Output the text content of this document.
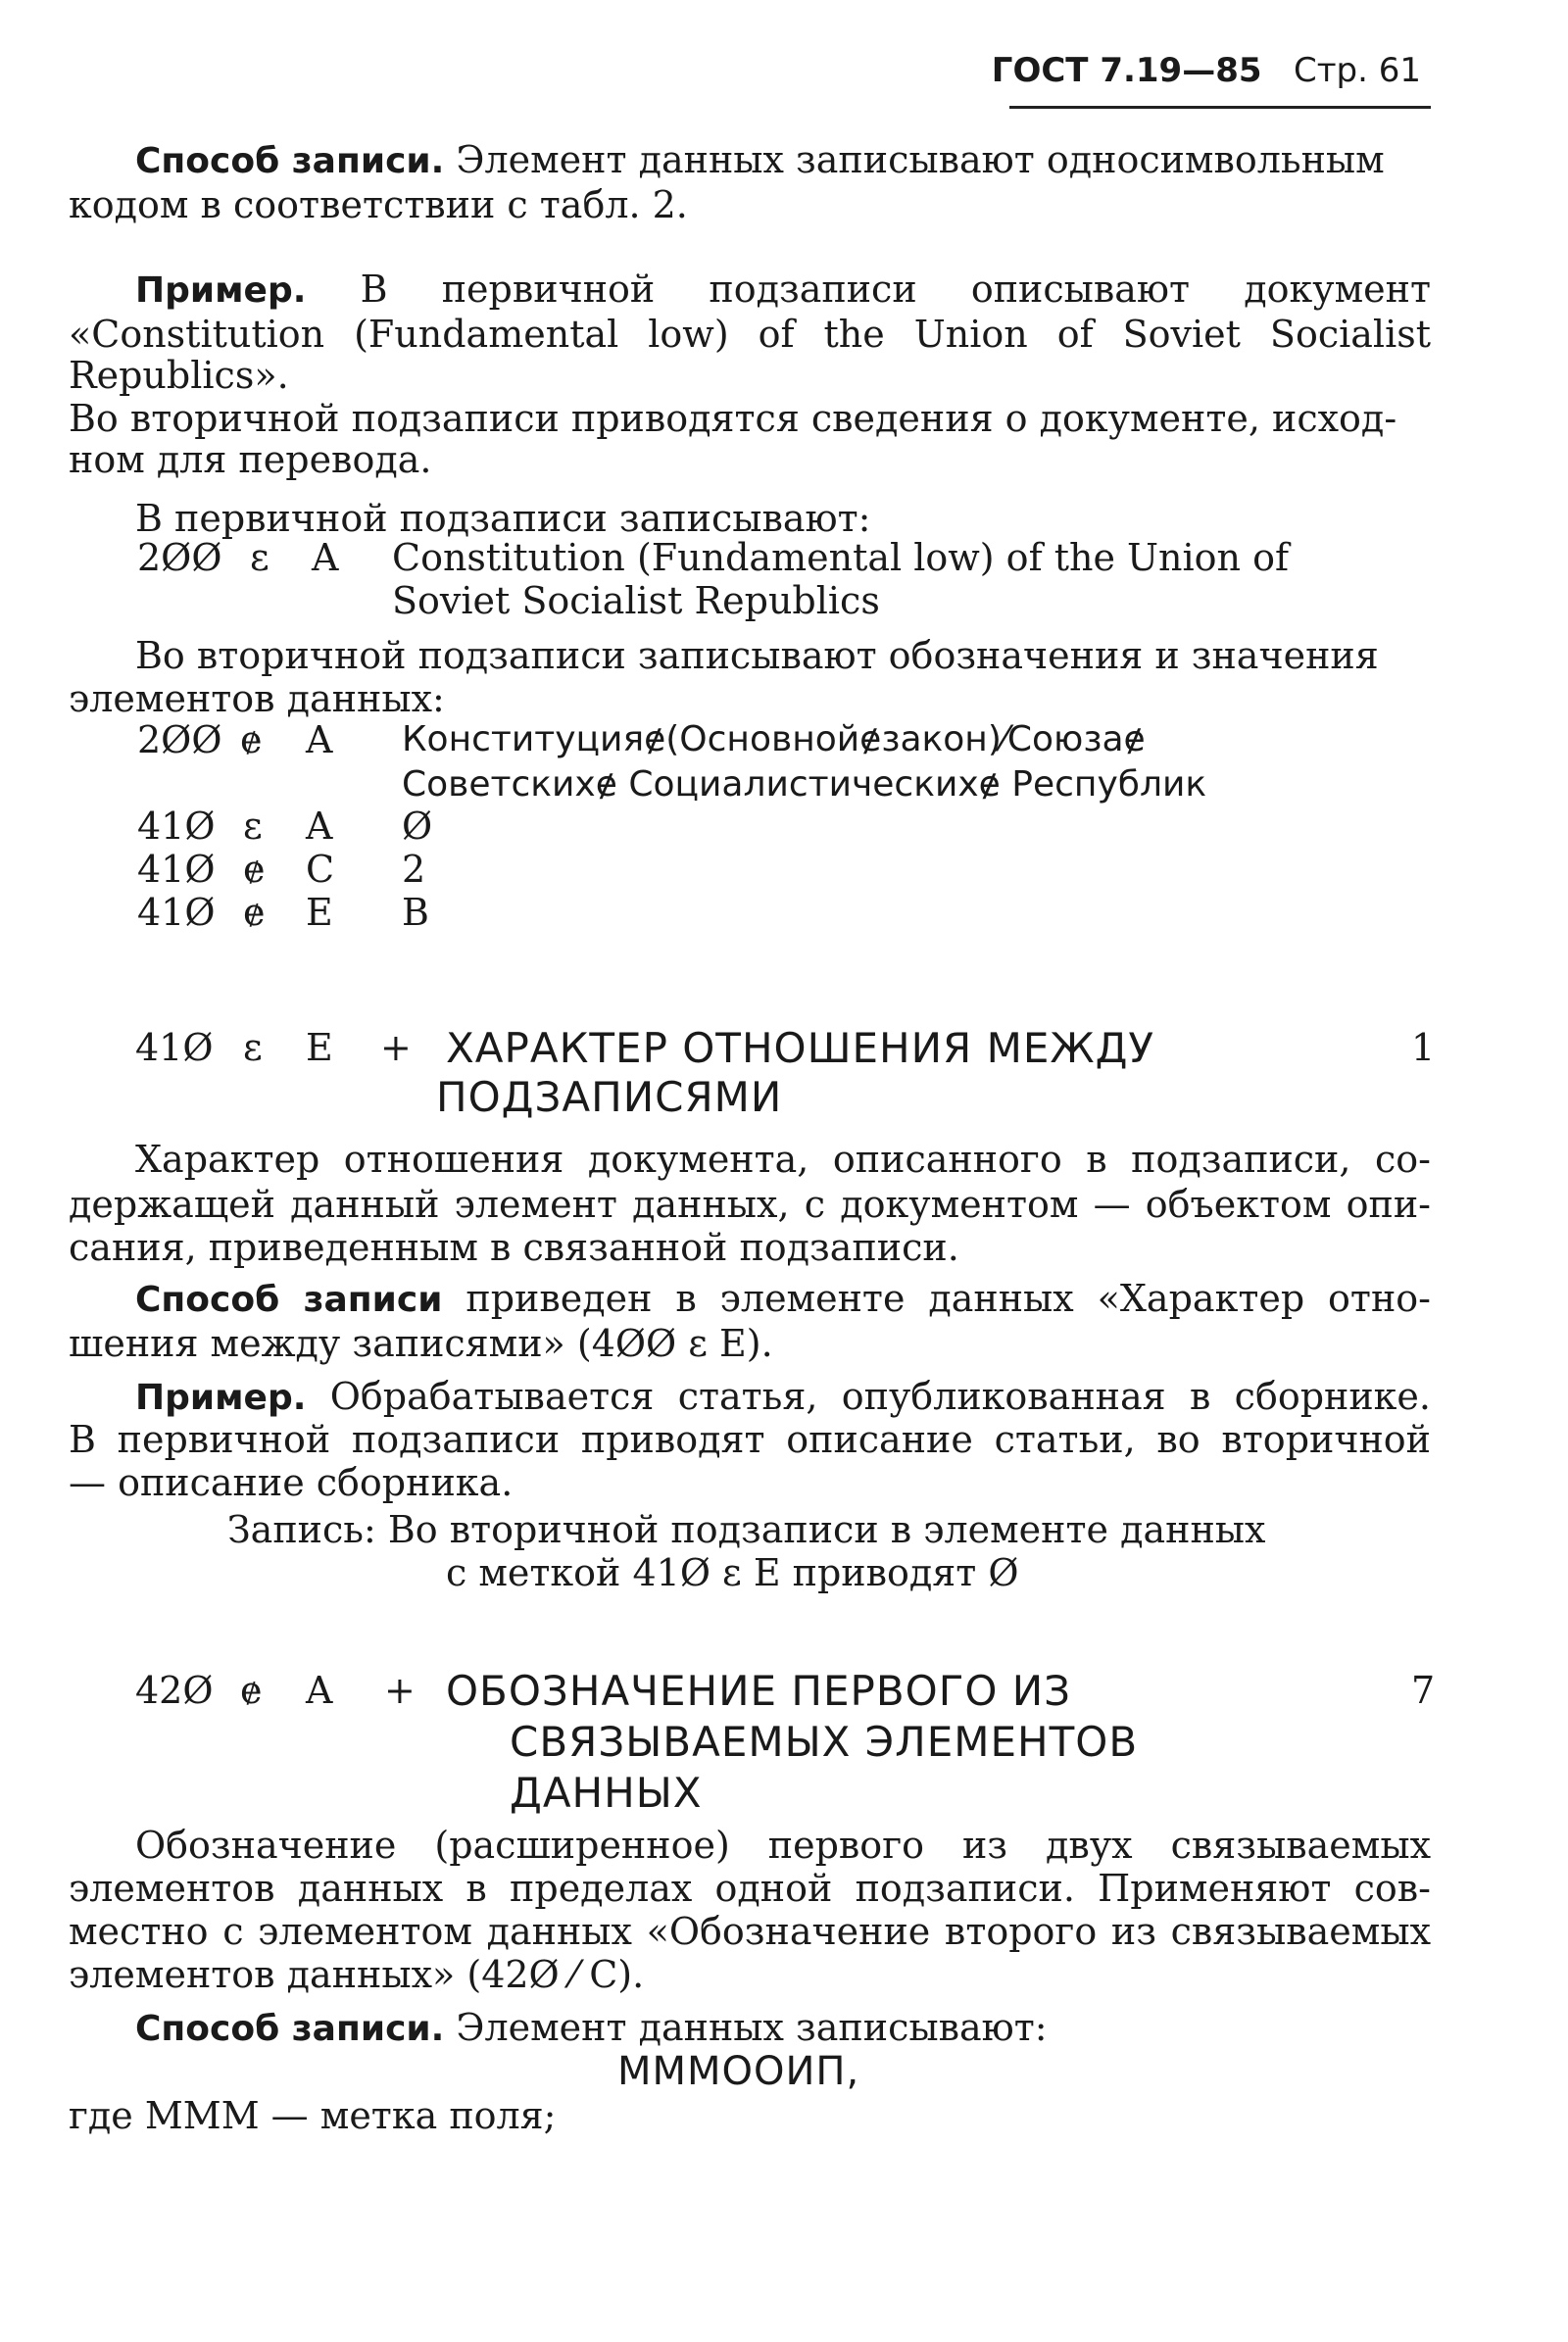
ГОСТ 7.19—85 Стр. 61
Способ записи. Элемент данных записывают односимвольным
кодом в соответствии с табл. 2.
Пример. В первичной подзаписи описывают документ
«Constitution (Fundamental low) of the Union of Soviet Socialist
Republics».
Во вторичной подзаписи приводятся сведения о документе, исход-
ном для перевода.
В первичной подзаписи записывают:
2ØØ ɛ A Constitution (Fundamental low) of the Union of
Soviet Socialist Republics
Во вторичной подзаписи записывают обозначения и значения
элементов данных:
2ØØ ɇ A Конституцияɇ(Основнойɇзакон)⁄Союзаɇ
Советскихɇ Социалистическихɇ Республик
41Ø ɛ A Ø
41Ø ɇ C 2
41Ø ɇ E B
41Ø ɛ E + ХАРАКТЕР ОТНОШЕНИЯ МЕЖДУ
ПОДЗАПИСЯМИ
1
Характер отношения документа, описанного в подзаписи, со-
держащей данный элемент данных, с документом — объектом опи-
сания, приведенным в связанной подзаписи.
Способ записи приведен в элементе данных «Характер отно-
шения между записями» (4ØØ ɛ E).
Пример. Обрабатывается статья, опубликованная в сборнике.
В первичной подзаписи приводят описание статьи, во вторичной
— описание сборника.
Запись: Во вторичной подзаписи в элементе данных
с меткой 41Ø ɛ E приводят Ø
42Ø ɇ A + ОБОЗНАЧЕНИЕ ПЕРВОГО ИЗ
СВЯЗЫВАЕМЫХ ЭЛЕМЕНТОВ
ДАННЫХ
7
Обозначение (расширенное) первого из двух связываемых
элементов данных в пределах одной подзаписи. Применяют сов-
местно с элементом данных «Обозначение второго из связываемых
элементов данных» (42Ø ⁄ C).
Способ записи. Элемент данных записывают:
ММMООИП,
где МММ — метка поля;
